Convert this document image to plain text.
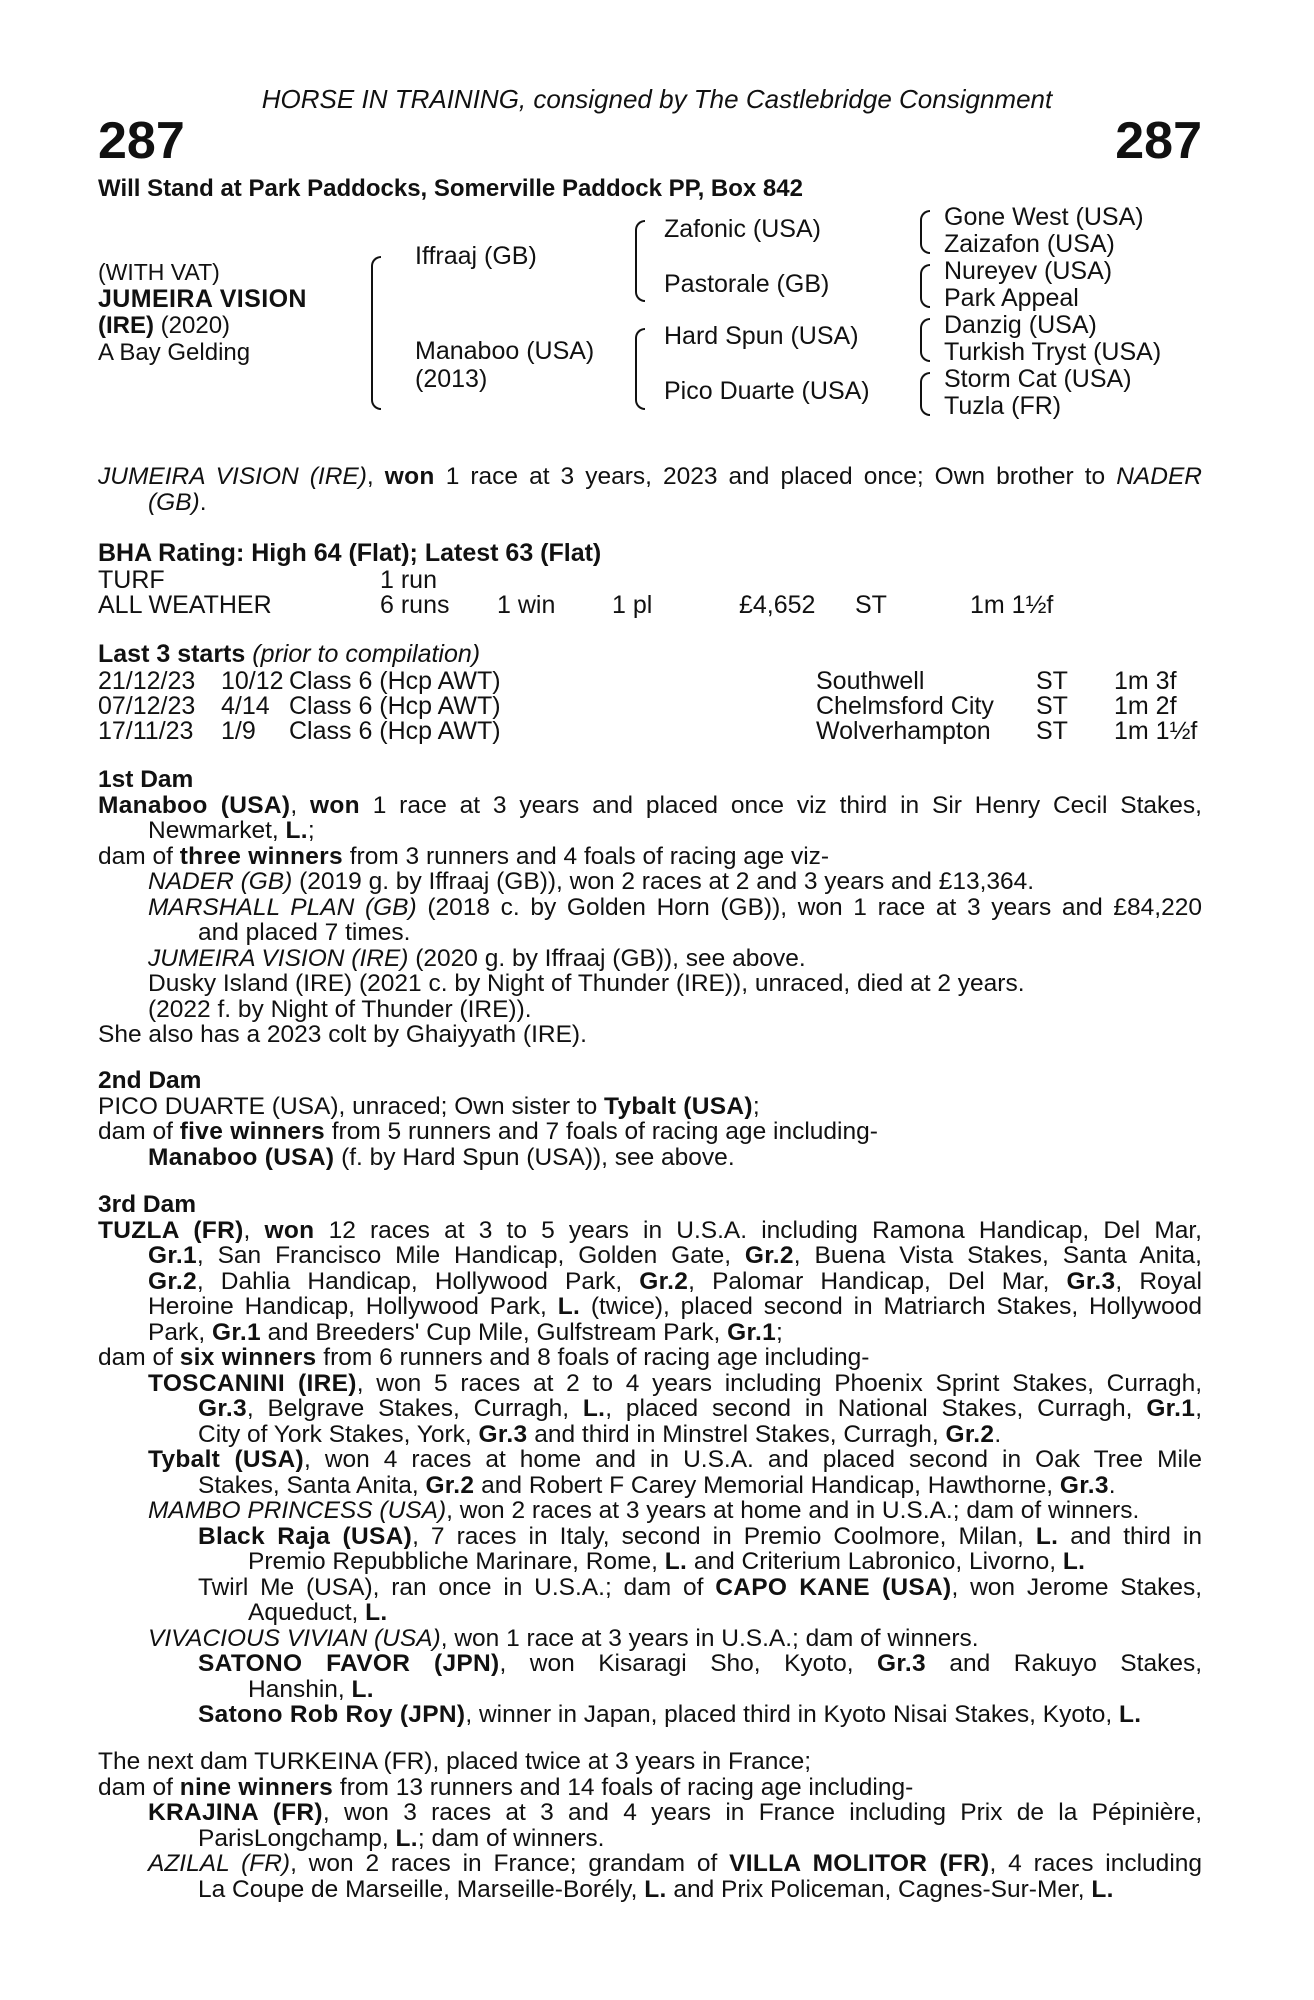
HORSE IN TRAINING, consigned by The Castlebridge Consignment
287	287
Will Stand at Park Paddocks, Somerville Paddock PP, Box 842
(WITH VAT)
JUMEIRA VISION
(IRE) (2020)
A Bay Gelding
Iffraaj (GB)
Manaboo (USA)
(2013)
Zafonic (USA)
Pastorale (GB)
Hard Spun (USA)
Pico Duarte (USA)
Gone West (USA)
Zaizafon (USA)
Nureyev (USA)
Park Appeal
Danzig (USA)
Turkish Tryst (USA)
Storm Cat (USA)
Tuzla (FR)
JUMEIRA VISION (IRE), won 1 race at 3 years, 2023 and placed once; Own brother to NADER
(GB).
BHA Rating: High 64 (Flat); Latest 63 (Flat)
TURF	1 run
ALL WEATHER	6 runs 1 win 1 pl	£4,652 ST	1m 1½f
Last 3 starts (prior to compilation)
21/12/23 10/12 Class 6 (Hcp AWT)	Southwell	ST 1m 3f
07/12/23 4/14 Class 6 (Hcp AWT)	Chelmsford City ST 1m 2f
17/11/23 1/9 Class 6 (Hcp AWT)	Wolverhampton ST 1m 1½f
1st Dam
Manaboo (USA), won 1 race at 3 years and placed once viz third in Sir Henry Cecil Stakes,
Newmarket, L.;
dam of three winners from 3 runners and 4 foals of racing age viz-
NADER (GB) (2019 g. by Iffraaj (GB)), won 2 races at 2 and 3 years and £13,364.
MARSHALL PLAN (GB) (2018 c. by Golden Horn (GB)), won 1 race at 3 years and £84,220
and placed 7 times.
JUMEIRA VISION (IRE) (2020 g. by Iffraaj (GB)), see above.
Dusky Island (IRE) (2021 c. by Night of Thunder (IRE)), unraced, died at 2 years.
(2022 f. by Night of Thunder (IRE)).
She also has a 2023 colt by Ghaiyyath (IRE).
2nd Dam
PICO DUARTE (USA), unraced; Own sister to Tybalt (USA);
dam of five winners from 5 runners and 7 foals of racing age including-
Manaboo (USA) (f. by Hard Spun (USA)), see above.
3rd Dam
TUZLA (FR), won 12 races at 3 to 5 years in U.S.A. including Ramona Handicap, Del Mar,
Gr.1, San Francisco Mile Handicap, Golden Gate, Gr.2, Buena Vista Stakes, Santa Anita,
Gr.2, Dahlia Handicap, Hollywood Park, Gr.2, Palomar Handicap, Del Mar, Gr.3, Royal
Heroine Handicap, Hollywood Park, L. (twice), placed second in Matriarch Stakes, Hollywood
Park, Gr.1 and Breeders' Cup Mile, Gulfstream Park, Gr.1;
dam of six winners from 6 runners and 8 foals of racing age including-
TOSCANINI (IRE), won 5 races at 2 to 4 years including Phoenix Sprint Stakes, Curragh,
Gr.3, Belgrave Stakes, Curragh, L., placed second in National Stakes, Curragh, Gr.1,
City of York Stakes, York, Gr.3 and third in Minstrel Stakes, Curragh, Gr.2.
Tybalt (USA), won 4 races at home and in U.S.A. and placed second in Oak Tree Mile
Stakes, Santa Anita, Gr.2 and Robert F Carey Memorial Handicap, Hawthorne, Gr.3.
MAMBO PRINCESS (USA), won 2 races at 3 years at home and in U.S.A.; dam of winners.
Black Raja (USA), 7 races in Italy, second in Premio Coolmore, Milan, L. and third in
Premio Repubbliche Marinare, Rome, L. and Criterium Labronico, Livorno, L.
Twirl Me (USA), ran once in U.S.A.; dam of CAPO KANE (USA), won Jerome Stakes,
Aqueduct, L.
VIVACIOUS VIVIAN (USA), won 1 race at 3 years in U.S.A.; dam of winners.
SATONO FAVOR (JPN), won Kisaragi Sho, Kyoto, Gr.3 and Rakuyo Stakes,
Hanshin, L.
Satono Rob Roy (JPN), winner in Japan, placed third in Kyoto Nisai Stakes, Kyoto, L.
The next dam TURKEINA (FR), placed twice at 3 years in France;
dam of nine winners from 13 runners and 14 foals of racing age including-
KRAJINA (FR), won 3 races at 3 and 4 years in France including Prix de la Pépinière,
ParisLongchamp, L.; dam of winners.
AZILAL (FR), won 2 races in France; grandam of VILLA MOLITOR (FR), 4 races including
La Coupe de Marseille, Marseille-Borély, L. and Prix Policeman, Cagnes-Sur-Mer, L.
